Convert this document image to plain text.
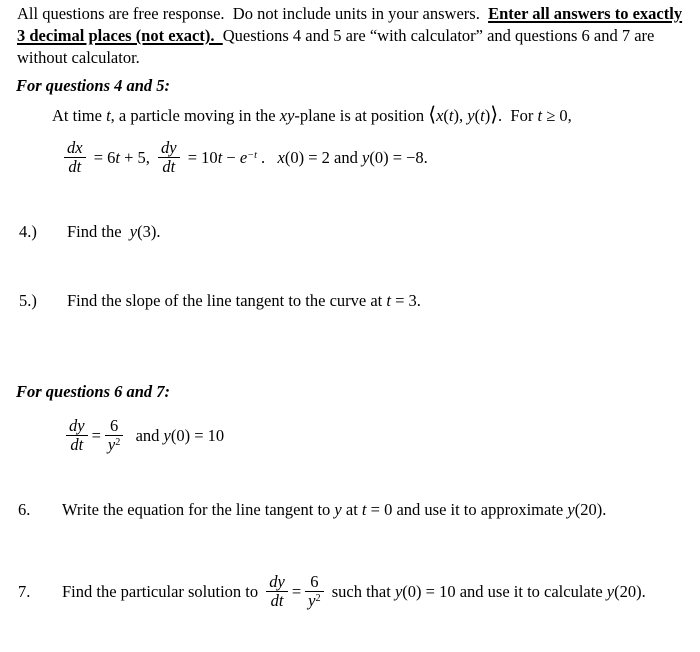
All questions are free response.  Do not include units in your answers.  Enter all answers to exactly
3 decimal places (not exact).  Questions 4 and 5 are “with calculator” and questions 6 and 7 are
without calculator.
For questions 4 and 5:
At time t, a particle moving in the xy-plane is at position ⟨x(t), y(t)⟩.  For t ≥ 0,
$\frac{dx}{dt} = 6t + 5$, $\frac{dy}{dt} = 10t - e^{-t}$ .   x(0) = 2 and y(0) = −8.
4.)	Find the  y(3).
5.)	Find the slope of the line tangent to the curve at t = 3.
For questions 6 and 7:
$\frac{dy}{dt} = \frac{6}{y^2}$ and y(0) = 10
6.	Write the equation for the line tangent to y at t = 0 and use it to approximate y(20).
7.	Find the particular solution to $\frac{dy}{dt} = \frac{6}{y^2}$ such that y(0) = 10 and use it to calculate y(20).
